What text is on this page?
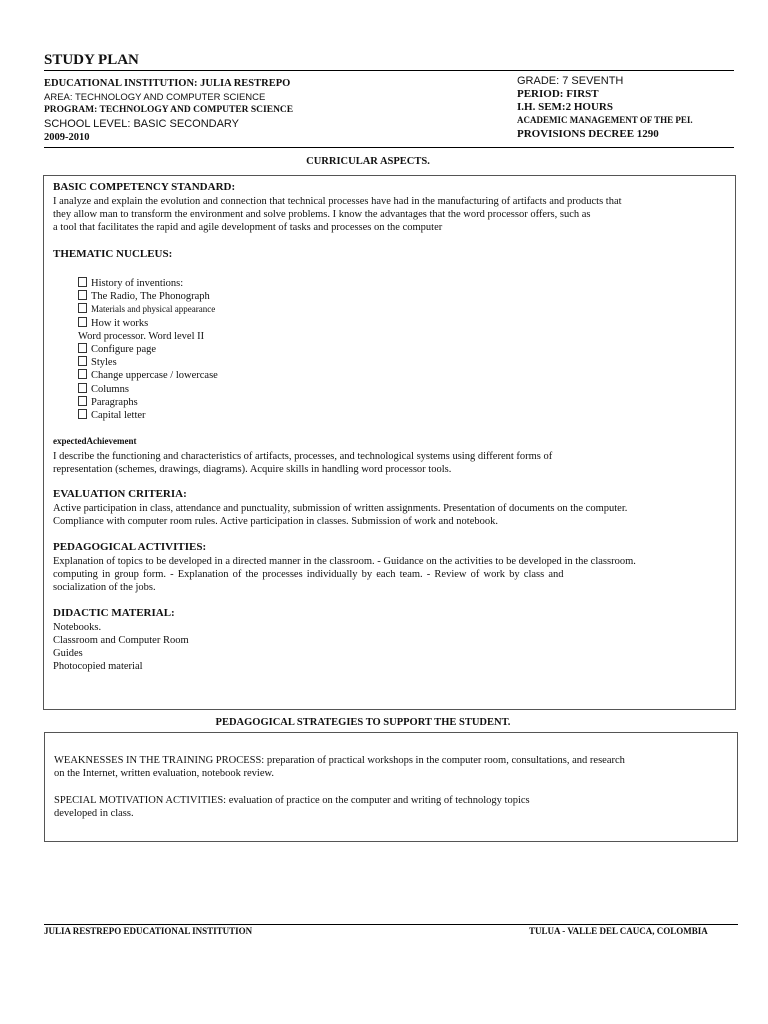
STUDY PLAN
EDUCATIONAL INSTITUTION: JULIA RESTREPO
AREA: TECHNOLOGY AND COMPUTER SCIENCE
PROGRAM: TECHNOLOGY AND COMPUTER SCIENCE
SCHOOL LEVEL: BASIC SECONDARY
2009-2010
GRADE: 7 SEVENTH
PERIOD: FIRST
I.H. SEM:2 HOURS
ACADEMIC MANAGEMENT OF THE PEI.
PROVISIONS DECREE 1290
CURRICULAR ASPECTS.
BASIC COMPETENCY STANDARD:
I analyze and explain the evolution and connection that technical processes have had in the manufacturing of artifacts and products that
they allow man to transform the environment and solve problems. I know the advantages that the word processor offers, such as
a tool that facilitates the rapid and agile development of tasks and processes on the computer
THEMATIC NUCLEUS:
History of inventions:
The Radio, The Phonograph
Materials and physical appearance
How it works
Word processor. Word level II
Configure page
Styles
Change uppercase / lowercase
Columns
Paragraphs
Capital letter
expectedAchievement
I describe the functioning and characteristics of artifacts, processes, and technological systems using different forms of
representation (schemes, drawings, diagrams). Acquire skills in handling word processor tools.
EVALUATION CRITERIA:
Active participation in class, attendance and punctuality, submission of written assignments. Presentation of documents on the computer.
Compliance with computer room rules. Active participation in classes. Submission of work and notebook.
PEDAGOGICAL ACTIVITIES:
Explanation of topics to be developed in a directed manner in the classroom. - Guidance on the activities to be developed in the classroom.
computing in group form. - Explanation of the processes individually by each team. - Review of work by class and
socialization of the jobs.
DIDACTIC MATERIAL:
Notebooks.
Classroom and Computer Room
Guides
Photocopied material
PEDAGOGICAL STRATEGIES TO SUPPORT THE STUDENT.
WEAKNESSES IN THE TRAINING PROCESS: preparation of practical workshops in the computer room, consultations, and research
on the Internet, written evaluation, notebook review.
SPECIAL MOTIVATION ACTIVITIES: evaluation of practice on the computer and writing of technology topics
developed in class.
JULIA RESTREPO EDUCATIONAL INSTITUTION	TULUA - VALLE DEL CAUCA, COLOMBIA
